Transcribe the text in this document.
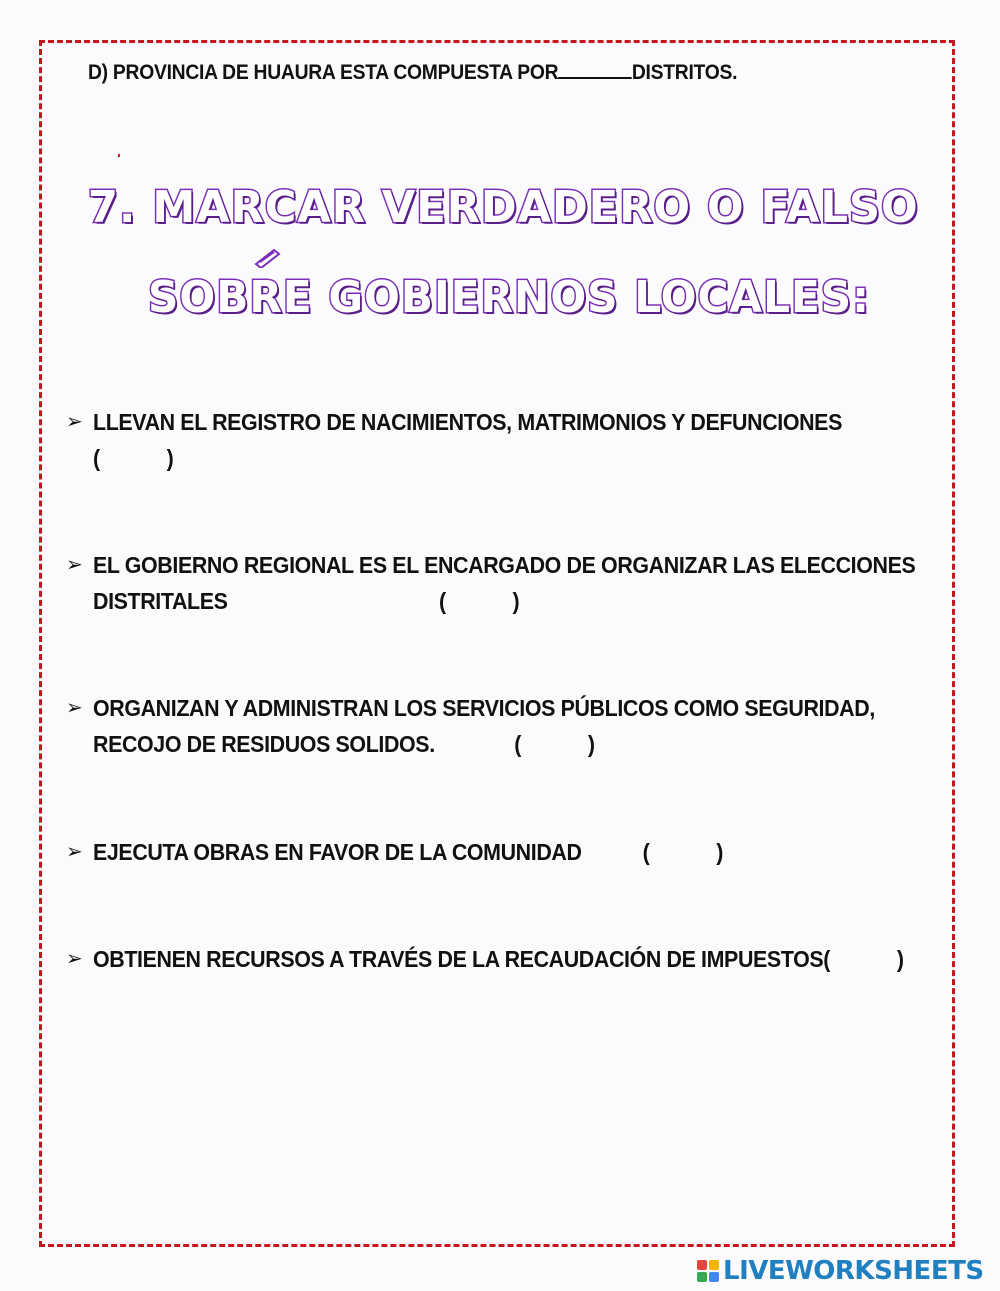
D) PROVINCIA DE HUAURA ESTA COMPUESTA POR	DISTRITOS.
7. MARCAR VERDADERO O FALSO
SOBRE GOBIERNOS LOCALES:
➢ LLEVAN EL REGISTRO DE NACIMIENTOS, MATRIMONIOS Y DEFUNCIONES
(            )
➢ EL GOBIERNO REGIONAL ES EL ENCARGADO DE ORGANIZAR LAS ELECCIONES
DISTRITALES	(            )
➢ ORGANIZAN Y ADMINISTRAN LOS SERVICIOS PÚBLICOS COMO SEGURIDAD,
RECOJO DE RESIDUOS SOLIDOS.	(            )
➢ EJECUTA OBRAS EN FAVOR DE LA COMUNIDAD	(            )
➢ OBTIENEN RECURSOS A TRAVÉS DE LA RECAUDACIÓN DE IMPUESTOS(            )
LIVEWORKSHEETS
